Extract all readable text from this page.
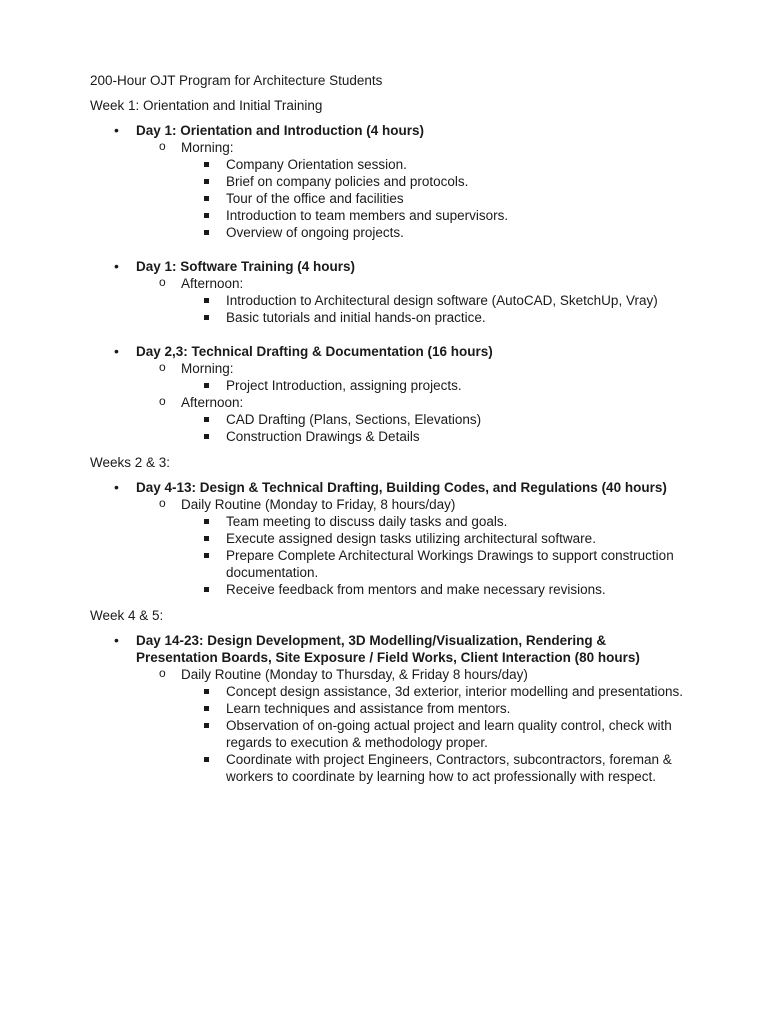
200-Hour OJT Program for Architecture Students
Week 1: Orientation and Initial Training
• Day 1: Orientation and Introduction (4 hours)
o Morning:
Company Orientation session.
Brief on company policies and protocols.
Tour of the office and facilities
Introduction to team members and supervisors.
Overview of ongoing projects.
• Day 1: Software Training (4 hours)
o Afternoon:
Introduction to Architectural design software (AutoCAD, SketchUp, Vray)
Basic tutorials and initial hands-on practice.
• Day 2,3: Technical Drafting & Documentation (16 hours)
o Morning:
Project Introduction, assigning projects.
o Afternoon:
CAD Drafting (Plans, Sections, Elevations)
Construction Drawings & Details
Weeks 2 & 3:
• Day 4-13: Design & Technical Drafting, Building Codes, and Regulations (40 hours)
o Daily Routine (Monday to Friday, 8 hours/day)
Team meeting to discuss daily tasks and goals.
Execute assigned design tasks utilizing architectural software.
Prepare Complete Architectural Workings Drawings to support construction documentation.
Receive feedback from mentors and make necessary revisions.
Week 4 & 5:
• Day 14-23: Design Development, 3D Modelling/Visualization, Rendering & Presentation Boards, Site Exposure / Field Works, Client Interaction (80 hours)
o Daily Routine (Monday to Thursday, & Friday 8 hours/day)
Concept design assistance, 3d exterior, interior modelling and presentations.
Learn techniques and assistance from mentors.
Observation of on-going actual project and learn quality control, check with regards to execution & methodology proper.
Coordinate with project Engineers, Contractors, subcontractors, foreman & workers to coordinate by learning how to act professionally with respect.
